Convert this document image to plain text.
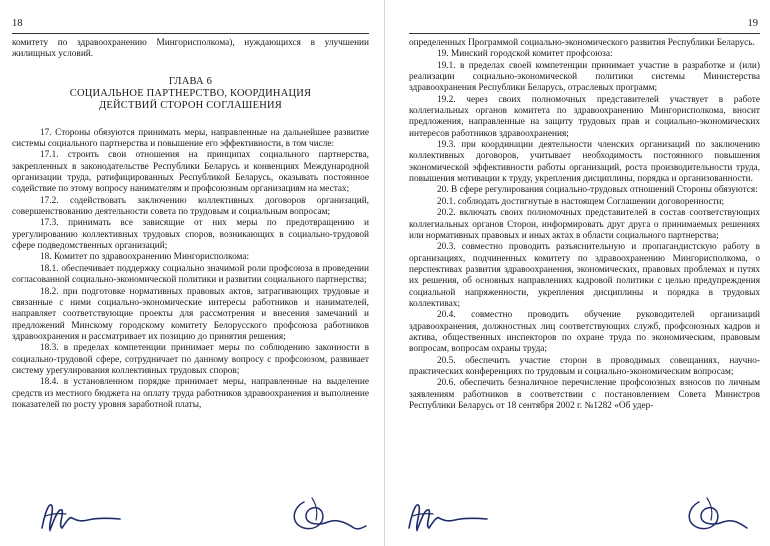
18

комитету по здравоохранению Мингорисполкома), нуждающихся в улучшении жилищных условий.

ГЛАВА 6
СОЦИАЛЬНОЕ ПАРТНЕРСТВО, КООРДИНАЦИЯ
ДЕЙСТВИЙ СТОРОН СОГЛАШЕНИЯ

17. Стороны обязуются принимать меры, направленные на дальнейшее развитие системы социального партнерства и повышение его эффективности, в том числе:

17.1. строить свои отношения на принципах социального партнерства, закрепленных в законодательстве Республики Беларусь и конвенциях Международной организации труда, ратифицированных Республикой Беларусь, оказывать постоянное содействие по этому вопросу нанимателям и профсоюзным организациям на местах;

17.2. содействовать заключению коллективных договоров организаций, совершенствованию деятельности совета по трудовым и социальным вопросам;

17.3. принимать все зависящие от них меры по предотвращению и урегулированию коллективных трудовых споров, возникающих в социально-трудовой сфере подведомственных организаций;

18. Комитет по здравоохранению Мингорисполкома:

18.1. обеспечивает поддержку социально значимой роли профсоюза в проведении согласованной социально-экономической политики и развитии социального партнерства;

18.2. при подготовке нормативных правовых актов, затрагивающих трудовые и связанные с ними социально-экономические интересы работников и нанимателей, направляет соответствующие проекты для рассмотрения и внесения замечаний и предложений Минскому городскому комитету Белорусского профсоюза работников здравоохранения и рассматривает их позицию до принятия решения;

18.3. в пределах компетенции принимает меры по соблюдению законности в социально-трудовой сфере, сотрудничает по данному вопросу с профсоюзом, развивает систему урегулирования коллективных трудовых споров;

18.4. в установленном порядке принимает меры, направленные на выделение средств из местного бюджета на оплату труда работников здравоохранения и выполнение показателей по росту уровня заработной платы,

19

определенных Программой социально-экономического развития Республики Беларусь.

19. Минский городской комитет профсоюза:

19.1. в пределах своей компетенции принимает участие в разработке и (или) реализации социально-экономической политики системы Министерства здравоохранения Республики Беларусь, отраслевых программ;

19.2. через своих полномочных представителей участвует в работе коллегиальных органов комитета по здравоохранению Мингорисполкома, вносит предложения, направленные на защиту трудовых прав и социально-экономических интересов работников здравоохранения;

19.3. при координации деятельности членских организаций по заключению коллективных договоров, учитывает необходимость постоянного повышения экономической эффективности работы организаций, роста производительности труда, повышения мотивации к труду, укрепления дисциплины, порядка и организованности.

20. В сфере регулирования социально-трудовых отношений Стороны обязуются:

20.1. соблюдать достигнутые в настоящем Соглашении договоренности;

20.2. включать своих полномочных представителей в состав соответствующих коллегиальных органов Сторон, информировать друг друга о принимаемых решениях или нормативных правовых и иных актах в области социального партнерства;

20.3. совместно проводить разъяснительную и пропагандистскую работу в организациях, подчиненных комитету по здравоохранению Мингорисполкома, о перспективах развития здравоохранения, экономических, правовых проблемах и путях их решения, об основных направлениях кадровой политики с целью предупреждения социальной напряженности, укрепления дисциплины и порядка в трудовых коллективах;

20.4. совместно проводить обучение руководителей организаций здравоохранения, должностных лиц соответствующих служб, профсоюзных кадров и актива, общественных инспекторов по охране труда по экономическим, правовым вопросам, вопросам охраны труда;

20.5. обеспечить участие сторон в проводимых совещаниях, научно-практических конференциях по трудовым и социально-экономическим вопросам;

20.6. обеспечить безналичное перечисление профсоюзных взносов по личным заявлениям работников в соответствии с постановлением Совета Министров Республики Беларусь от 18 сентября 2002 г. №1282 «Об удер-
